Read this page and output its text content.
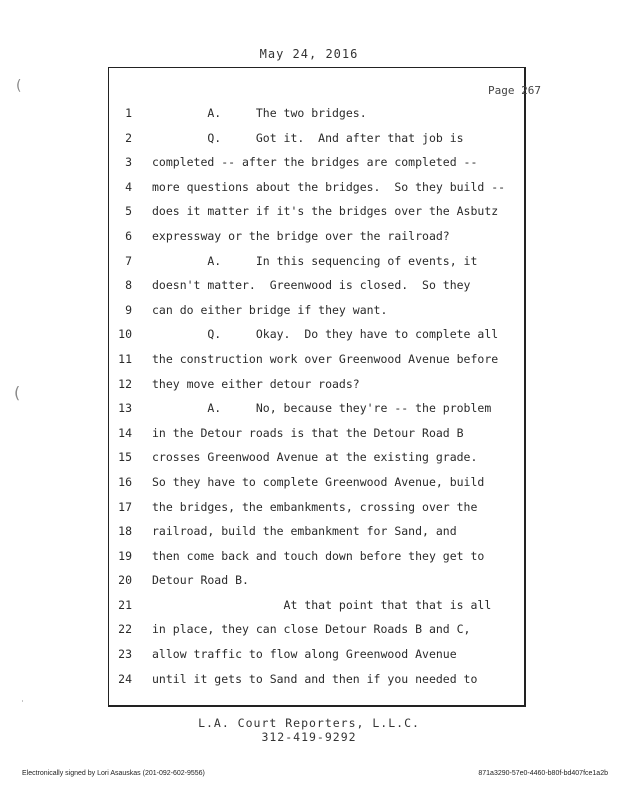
May 24, 2016
Page 267
1 A.     The two bridges.
2 Q.     Got it.  And after that job is
3 completed -- after the bridges are completed --
4 more questions about the bridges.  So they build --
5 does it matter if it's the bridges over the Asbutz
6 expressway or the bridge over the railroad?
7 A.     In this sequencing of events, it
8 doesn't matter.  Greenwood is closed.  So they
9 can do either bridge if they want.
10 Q.     Okay.  Do they have to complete all
11 the construction work over Greenwood Avenue before
12 they move either detour roads?
13 A.     No, because they're -- the problem
14 in the Detour roads is that the Detour Road B
15 crosses Greenwood Avenue at the existing grade.
16 So they have to complete Greenwood Avenue, build
17 the bridges, the embankments, crossing over the
18 railroad, build the embankment for Sand, and
19 then come back and touch down before they get to
20 Detour Road B.
21 At that point that that is all
22 in place, they can close Detour Roads B and C,
23 allow traffic to flow along Greenwood Avenue
24 until it gets to Sand and then if you needed to
L.A. Court Reporters, L.L.C.
312-419-9292
Electronically signed by Lori Asauskas (201-092-602-9556)	871a3290-57e0-4460-b80f-bd407fce1a2b
(
(
˙
